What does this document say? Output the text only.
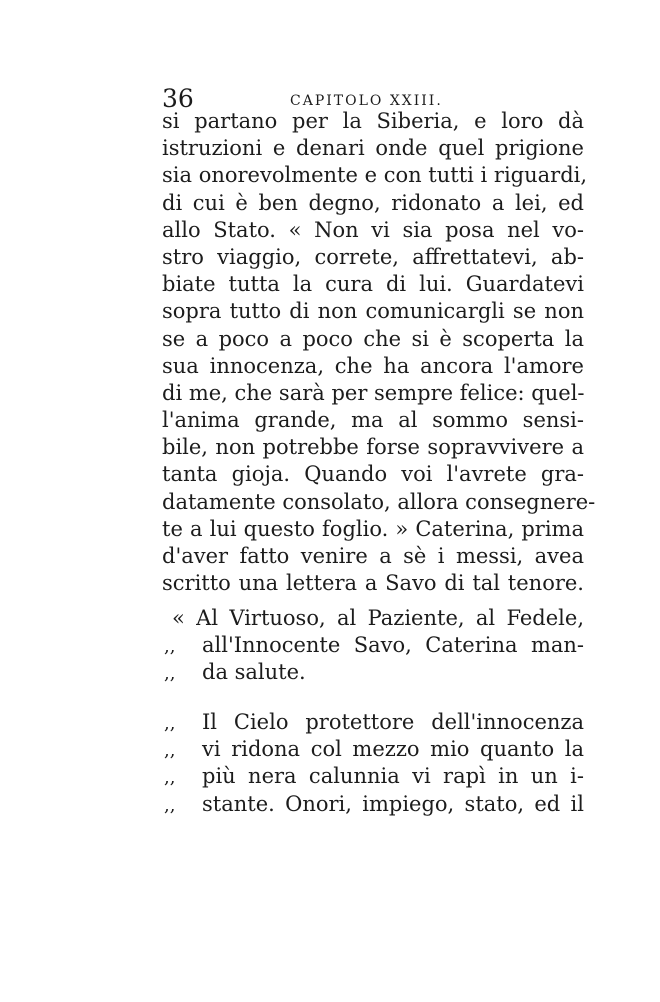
36	CAPITOLO XXIII.
si partano per la Siberia, e loro dà
istruzioni e denari onde quel prigione
sia onorevolmente e con tutti i riguardi,
di cui è ben degno, ridonato a lei, ed
allo Stato. « Non vi sia posa nel vo-
stro viaggio, correte, affrettatevi, ab-
biate tutta la cura di lui. Guardatevi
sopra tutto di non comunicargli se non
se a poco a poco che si è scoperta la
sua innocenza, che ha ancora l'amore
di me, che sarà per sempre felice: quel-
l'anima grande, ma al sommo sensi-
bile, non potrebbe forse sopravvivere a
tanta gioja. Quando voi l'avrete gra-
datamente consolato, allora consegnere-
te a lui questo foglio. » Caterina, prima
d'aver fatto venire a sè i messi, avea
scritto una lettera a Savo di tal tenore.
« Al Virtuoso, al Paziente, al Fedele,
,, all'Innocente Savo, Caterina man-
,, da salute.
,, Il Cielo protettore dell'innocenza
,, vi ridona col mezzo mio quanto la
,, più nera calunnia vi rapì in un i-
,, stante. Onori, impiego, stato, ed il
